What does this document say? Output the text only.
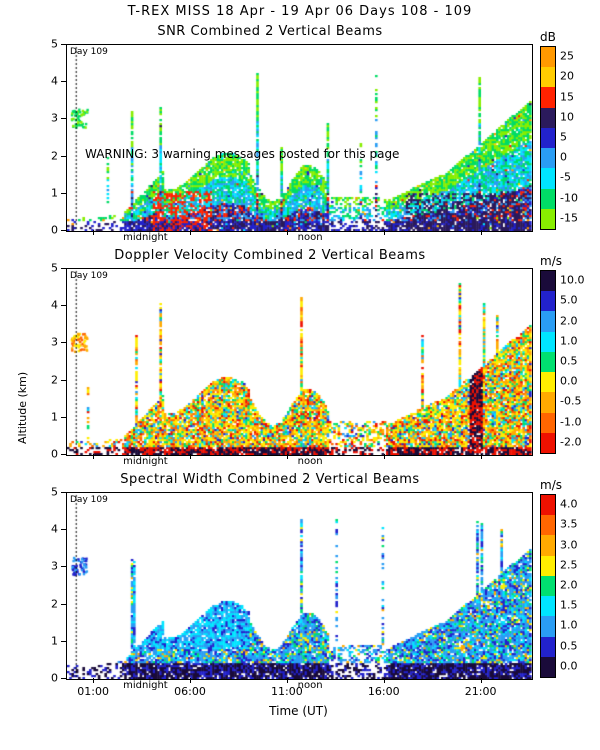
T-REX MISS 18 Apr - 19 Apr 06 Days 108 - 109
SNR Combined 2 Vertical Beams
Day 109
WARNING: 3 warning messages posted for this page
0
1
2
3
4
5
midnight	noon
dB
25
20
15
10
5
0
-5
-10
-15
Doppler Velocity Combined 2 Vertical Beams
Day 109
0
1
2
3
4
5
midnight	noon
Altitude (km)
m/s
10.0
5.0
2.0
1.0
0.5
0.0
-0.5
-1.0
-2.0
Spectral Width Combined 2 Vertical Beams
Day 109
0
1
2
3
4
5
01:00	06:00	11:00	16:00	21:00
midnight	noon
Time (UT)
m/s
4.0
3.5
3.0
2.5
2.0
1.5
1.0
0.5
0.0
